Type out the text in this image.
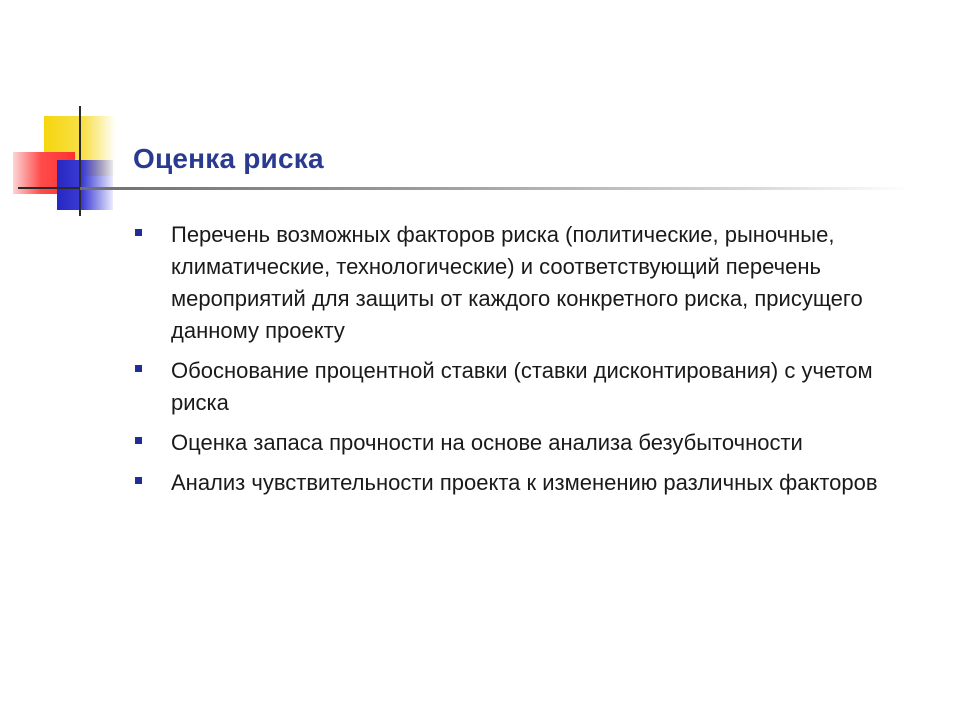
Оценка риска
Перечень возможных факторов риска (политические, рыночные, климатические, технологические) и соответствующий перечень мероприятий для защиты от каждого конкретного риска, присущего данному проекту
Обоснование процентной ставки (ставки дисконтирования) с учетом риска
Оценка запаса прочности на основе анализа безубыточности
Анализ чувствительности проекта к изменению различных факторов
